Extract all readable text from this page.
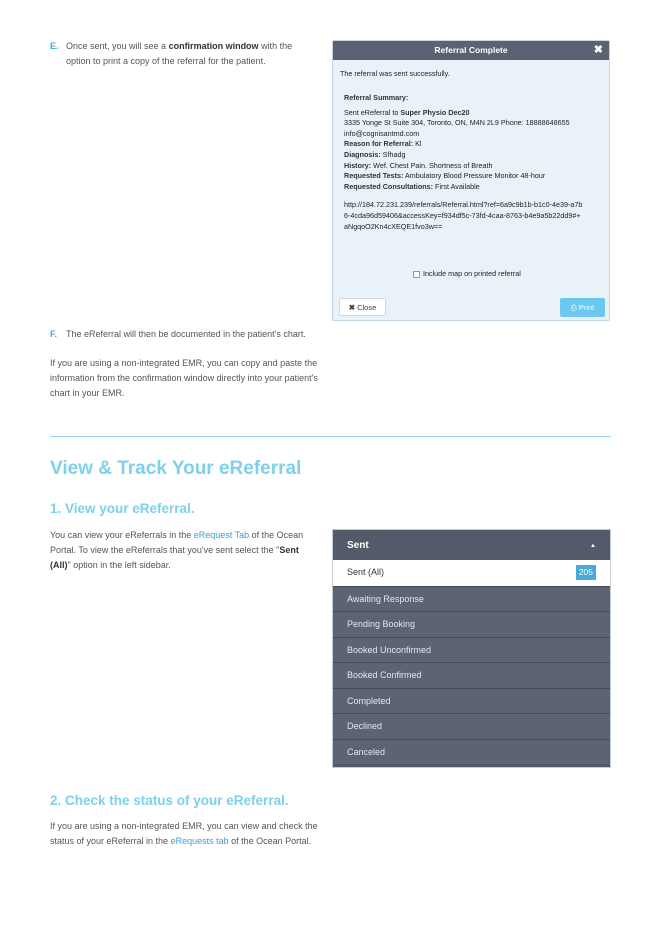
E. Once sent, you will see a confirmation window with the option to print a copy of the referral for the patient.
Referral Complete	✖
The referral was sent successfully.
Referral Summary:
Sent eReferral to Super Physio Dec20
3335 Yonge St Suite 304, Toronto, ON, M4N 2L9 Phone: 18888648655
info@cognisantmd.com
Reason for Referral: Kl
Diagnosis: Sfhadg
History: Wef. Chest Pain. Shortness of Breath
Requested Tests: Ambulatory Blood Pressure Monitor 48-hour
Requested Consultations: First Available
http://184.72.231.239/referrals/Referral.html?ref=6a9c9b1b-b1c0-4e39-a7b6-4cda96d59406&accessKey=f934df5c-73fd-4caa-8763-b4e9a5b22dd9#+aNgqoO2Kn4cXEQE1fvo3w==
Include map on printed referral
✖ Close	⎙ Print
F. The eReferral will then be documented in the patient's chart.
If you are using a non-integrated EMR, you can copy and paste the information from the confirmation window directly into your patient's chart in your EMR.
View & Track Your eReferral
1. View your eReferral.
You can view your eReferrals in the eRequest Tab of the Ocean Portal. To view the eReferrals that you've sent select the "Sent (All)" option in the left sidebar.
Sent	▲
Sent (All)	205
Awaiting Response
Pending Booking
Booked Unconfirmed
Booked Confirmed
Completed
Declined
Canceled
2. Check the status of your eReferral.
If you are using a non-integrated EMR, you can view and check the status of your eReferral in the eRequests tab of the Ocean Portal.
